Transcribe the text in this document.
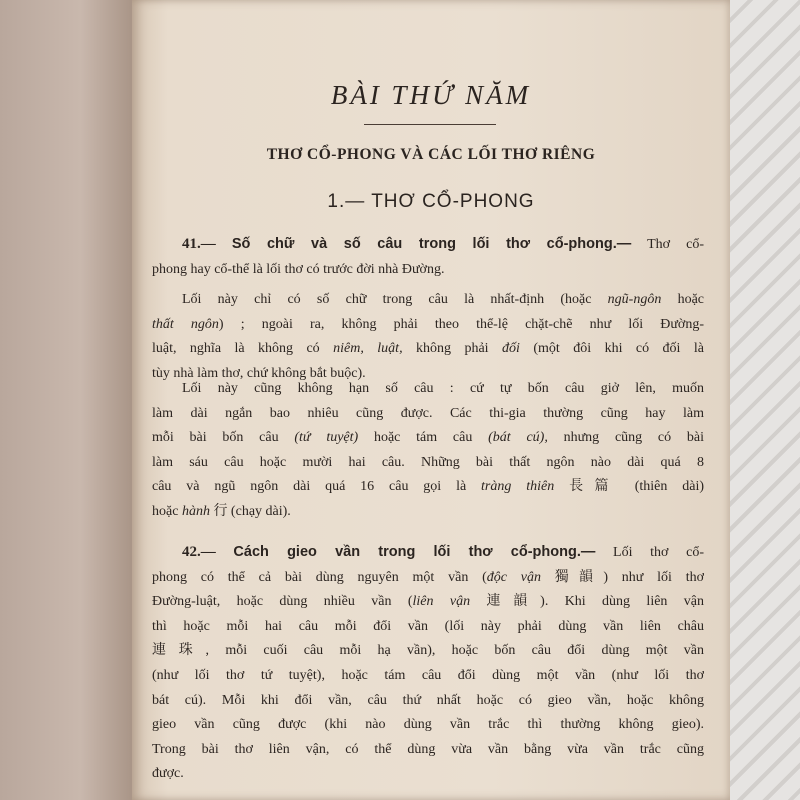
BÀI THỨ NĂM
THƠ CỔ-PHONG VÀ CÁC LỐI THƠ RIÊNG
1.— THƠ CỔ-PHONG
41.— Số chữ và số câu trong lối thơ cổ-phong.— Thơ cổ-
phong hay cổ-thể là lối thơ có trước đời nhà Đường.
Lối này chỉ có số chữ trong câu là nhất-định (hoặc ngũ-ngôn hoặc
thất ngôn) ; ngoài ra, không phải theo thể-lệ chặt-chẽ như lối Đường-
luật, nghĩa là không có niêm, luật, không phải đối (một đôi khi có đối là
tùy nhà làm thơ, chứ không bắt buộc).
Lối này cũng không hạn số câu : cứ tự bốn câu giở lên, muốn
làm dài ngắn bao nhiêu cũng được. Các thi-gia thường cũng hay làm
mỗi bài bốn câu (tứ tuyệt) hoặc tám câu (bát cú), nhưng cũng có bài
làm sáu câu hoặc mười hai câu. Những bài thất ngôn nào dài quá 8
câu và ngũ ngôn dài quá 16 câu gọi là tràng thiên 長篇 (thiên dài)
hoặc hành 行 (chạy dài).
42.— Cách gieo vần trong lối thơ cổ-phong.— Lối thơ cổ-
phong có thể cả bài dùng nguyên một vần (độc vận 獨韻) như lối thơ
Đường-luật, hoặc dùng nhiều vần (liên vận 連韻). Khi dùng liên vận
thì hoặc mỗi hai câu mỗi đổi vần (lối này phải dùng vần liên châu
連珠, mỗi cuối câu mỗi hạ vần), hoặc bốn câu đổi dùng một vần
(như lối thơ tứ tuyệt), hoặc tám câu đổi dùng một vần (như lối thơ
bát cú). Mỗi khi đổi vần, câu thứ nhất hoặc có gieo vần, hoặc không
gieo vần cũng được (khi nào dùng vần trắc thì thường không gieo).
Trong bài thơ liên vận, có thể dùng vừa vần bằng vừa vần trắc cũng
được.
